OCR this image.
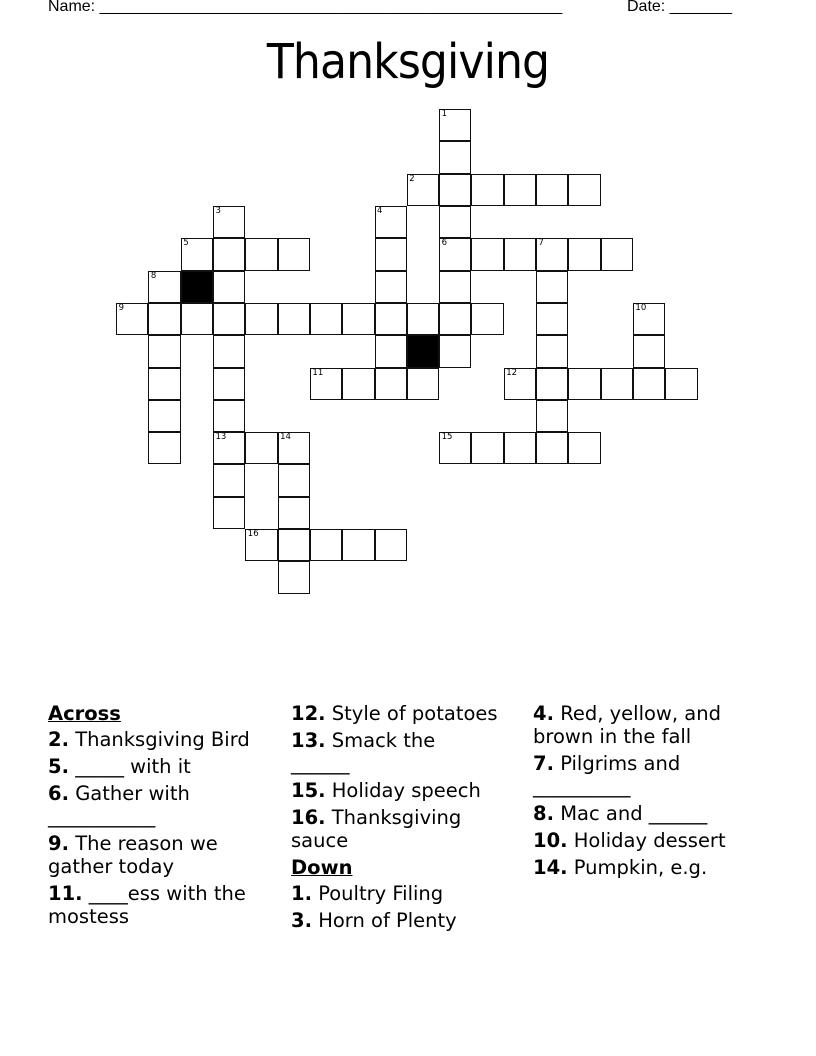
Name: ____________________________________________________	Date: _______
Thanksgiving
1
6
2
3
13
4
5	7
8
9	10
11	12
14	15
16
Across
2. Thanksgiving Bird
5. _____ with it
6. Gather with ___________
9. The reason we gather today
11. ____ess with the mostess
12. Style of potatoes
13. Smack the ______
15. Holiday speech
16. Thanksgiving sauce
Down
1. Poultry Filing
3. Horn of Plenty
4. Red, yellow, and brown in the fall
7. Pilgrims and __________
8. Mac and ______
10. Holiday dessert
14. Pumpkin, e.g.
